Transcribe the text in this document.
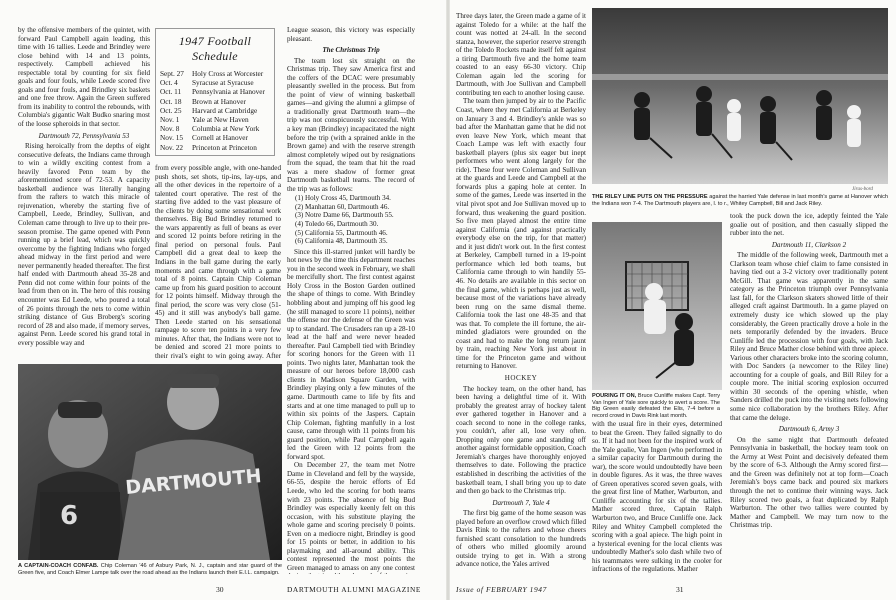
by the offensive members of the quintet, with forward Paul Campbell again leading, this time with 16 tallies. Leede and Brindley were close behind with 14 and 13 points, respectively. Campbell achieved his respectable total by counting for six field goals and four fouls, while Leede scored five goals and four fouls, and Brindley six baskets and one free throw. Again the Green suffered from its inability to control the rebounds, with Columbia's gigantic Walt Budko snaring most of the loose spheroids in that sector.

Dartmouth 72, Pennsylvania 53

Rising heroically from the depths of eight consecutive defeats, the Indians came through to win a wildly exciting contest from a heavily favored Penn team by the aforementioned score of 72-53. A capacity basketball audience was literally hanging from the rafters to watch this miracle of rejuvenation, whereby the starting five of Campbell, Leede, Brindley, Sullivan, and Coleman came through to live up to their pre-season promise. The game opened with Penn running up a brief lead, which was quickly overcome by the fighting Indians who forged ahead midway in the first period and were never permanently headed thereafter. The first half ended with Dartmouth ahead 35-28 and Penn did not come within four points of the lead from then on in. The hero of this rousing encounter was Ed Leede, who poured a total of 26 points through the nets to come within striking distance of Gus Broberg's scoring record of 28 and also made, if memory serves, against Penn. Leede scored his grand total in every possible way and

1947 Football Schedule
Sept. 27	Holy Cross at Worcester
Oct. 4	Syracuse at Syracuse
Oct. 11	Pennsylvania at Hanover
Oct. 18	Brown at Hanover
Oct. 25	Harvard at Cambridge
Nov. 1	Yale at New Haven
Nov. 8	Columbia at New York
Nov. 15	Cornell at Hanover
Nov. 22	Princeton at Princeton

from every possible angle, with one-handed push shots, set shots, tip-ins, lay-ups, and all the other devices in the repertoire of a talented court operative. The rest of the starting five added to the vast pleasure of the clients by doing some sensational work themselves. Big Bud Brindley returned to the wars apparently as full of beans as ever and scored 12 points before retiring in the final period on personal fouls. Paul Campbell did a great deal to keep the Indians in the ball game during the early moments and came through with a game total of 8 points. Captain Chip Coleman came up from his guard position to account for 12 points himself. Midway through the final period, the score was very close (51-45) and it still was anybody's ball game. Then Leede started on his sensational rampage to score ten points in a very few minutes. After that, the Indians were not to be denied and scored 21 more points to their rival's eight to win going away. After

League season, this victory was especially pleasant.

The Christmas Trip

The team lost six straight on the Christmas trip. They saw America first and the coffers of the DCAC were presumably pleasantly swelled in the process. But from the point of view of winning basketball games—and giving the alumni a glimpse of a traditionally great Dartmouth team—the trip was not conspicuously successful. With a key man (Brindley) incapacitated the night before the trip (with a sprained ankle in the Brown game) and with the reserve strength almost completely wiped out by resignations from the squad, the team that hit the road was a mere shadow of former great Dartmouth basketball teams. The record of the trip was as follows:

(1) Holy Cross 45, Dartmouth 34.
(2) Manhattan 60, Dartmouth 46.
(3) Notre Dame 66, Dartmouth 55.
(4) Toledo 66, Dartmouth 30.
(5) California 55, Dartmouth 46.
(6) California 48, Dartmouth 35.

Since this ill-starred junket will hardly be hot news by the time this department reaches you in the second week in February, we shall be mercifully short. The first contest against Holy Cross in the Boston Garden outlined the shape of things to come. With Brindley hobbling about and jumping off his good leg (he still managed to score 11 points), neither the offense nor the defense of the Green was up to standard. The Crusaders ran up a 28-10 lead at the half and were never headed thereafter. Paul Campbell tied with Brindley for scoring honors for the Green with 11 points. Two nights later, Manhattan took the measure of our heroes before 18,000 cash clients in Madison Square Garden, with Brindley playing only a few minutes of the game. Dartmouth came to life by fits and starts and at one time managed to pull up to within six points of the Jaspers. Captain Chip Coleman, fighting manfully in a lost cause, came through with 11 points from his guard position, while Paul Campbell again led the Green with 12 points from the forward spot.

On December 27, the team met Notre Dame in Cleveland and fell by the wayside, 66-55, despite the heroic efforts of Ed Leede, who led the scoring for both teams with 23 points. The absence of big Bud Brindley was especially keenly felt on this occasion, with his substitute playing the whole game and scoring precisely 0 points. Even on a mediocre night, Brindley is good for 15 points or better, in addition to his playmaking and all-around ability. This contest represented the most points the Green managed to amass on any one contest

DARTMOUTH
6
A CAPTAIN-COACH CONFAB. Chip Coleman '46 of Asbury Park, N. J., captain and star guard of the Green five, and Coach Elmer Lampe talk over the road ahead as the Indians launch their E.I.L. campaign.
30	DARTMOUTH ALUMNI MAGAZINE

Three days later, the Green made a game of it against Toledo for a while: at the half the count was notted at 24-all. In the second stanza, however, the superior reserve strength of the Toledo Rockets made itself felt against a tiring Dartmouth five and the home team coasted to an easy 66-30 victory. Chip Coleman again led the scoring for Dartmouth, with Joe Sullivan and Campbell contributing ten each to another losing cause.

The team then jumped by air to the Pacific Coast, where they met California at Berkeley on January 3 and 4. Brindley's ankle was so bad after the Manhattan game that he did not even leave New York, which meant that Coach Lampe was left with exactly four basketball players (plus six eager but inept performers who went along largely for the ride). These four were Coleman and Sullivan at the guards and Leede and Campbell at the forwards plus a gaping hole at center. In some of the games, Leede was inserted in the vital pivot spot and Joe Sullivan moved up to forward, thus weakening the guard position. So five men played almost the entire time against California (and against practically everybody else on the trip, for that matter) and it just didn't work out. In the first contest at Berkeley, Campbell turned in a 19-point performance which led both teams, but California came through to win handily 55-46. No details are available in this sector on the final game, which is perhaps just as well, because most of the variations have already been rung on the same dismal theme. California took the last one 48-35 and that was that. To complete the ill fortune, the air-minded gladiators were grounded on the coast and had to make the long return jaunt by train, reaching New York just about in time for the Princeton game and without returning to Hanover.

HOCKEY

The hockey team, on the other hand, has been having a delightful time of it. With probably the greatest array of hockey talent ever gathered together in Hanover and a coach second to none in the college ranks, you couldn't, after all, lose very often. Dropping only one game and standing off another against formidable opposition, Coach Jeremiah's charges have thoroughly enjoyed themselves to date. Following the practice established in describing the activities of the basketball team, I shall bring you up to date and then go back to the Christmas trip.

Dartmouth 7, Yale 4

The first big game of the home season was played before an overflow crowd which filled Davis Rink to the rafters and whose cheers furnished scant consolation to the hundreds of others who milled gloomily around outside trying to get in. With a strong advance notice, the Yales arrived

Jiras-bord
THE RILEY LINE PUTS ON THE PRESSURE against the harried Yale defense in last month's game at Hanover which the Indians won 7-4. The Dartmouth players are, l. to r., Whitey Campbell, Bill and Jack Riley.
POURING IT ON, Bruce Cunliffe makes Capt. Terry Van Ingen of Yale sore quickly to avert a score. The Big Green easily defeated the Elis, 7-4 before a record crowd in Davis Rink last month.

with the usual fire in their eyes, determined to beat the Green. They failed signally to do so. If it had not been for the inspired work of the Yale goalie, Van Ingen (who performed in a similar capacity for Dartmouth during the war), the score would undoubtedly have been in double figures. As it was, the three waves of Green operatives scored seven goals, with the great first line of Mather, Warburton, and Cunliffe accounting for six of the tallies. Mather scored three, Captain Ralph Warburton two, and Bruce Cunliffe one. Jack Riley and Whitey Campbell completed the scoring with a goal apiece. The high point in a hysterical evening for the local clients was undoubtedly Mather's solo dash while two of his teammates were sulking in the cooler for infractions of the regulations. Mather

took the puck down the ice, adeptly feinted the Yale goalie out of position, and then casually slipped the rubber into the net.

Dartmouth 11, Clarkson 2

The middle of the following week, Dartmouth met a Clarkson team whose chief claim to fame consisted in having tied out a 3-2 victory over traditionally potent McGill. That game was apparently in the same category as the Princeton triumph over Pennsylvania last fall, for the Clarkson skaters showed little of their alleged craft against Dartmouth. In a game played on extremely dusty ice which slowed up the play considerably, the Green practically drove a hole in the nets temporarily defended by the invaders. Bruce Cunliffe led the procession with four goals, with Jack Riley and Bruce Mather close behind with three apiece. Various other characters broke into the scoring column, with Doc Sanders (a newcomer to the Riley line) accounting for a couple of goals, and Bill Riley for a couple more. The initial scoring explosion occurred within 30 seconds of the opening whistle, when Sanders drilled the puck into the visiting nets following some nice collaboration by the brothers Riley. After that came the deluge.

Dartmouth 6, Army 3

On the same night that Dartmouth defeated Pennsylvania in basketball, the hockey team took on the Army at West Point and decisively defeated them by the score of 6-3. Although the Army scored first—and the Green was definitely not at top form—Coach Jeremiah's boys came back and poured six markers through the net to continue their winning ways. Jack Riley scored two goals, a feat duplicated by Ralph Warburton. The other two tallies were counted by Mather and Campbell. We may turn now to the Christmas trip.

Issue of FEBRUARY 1947	31
